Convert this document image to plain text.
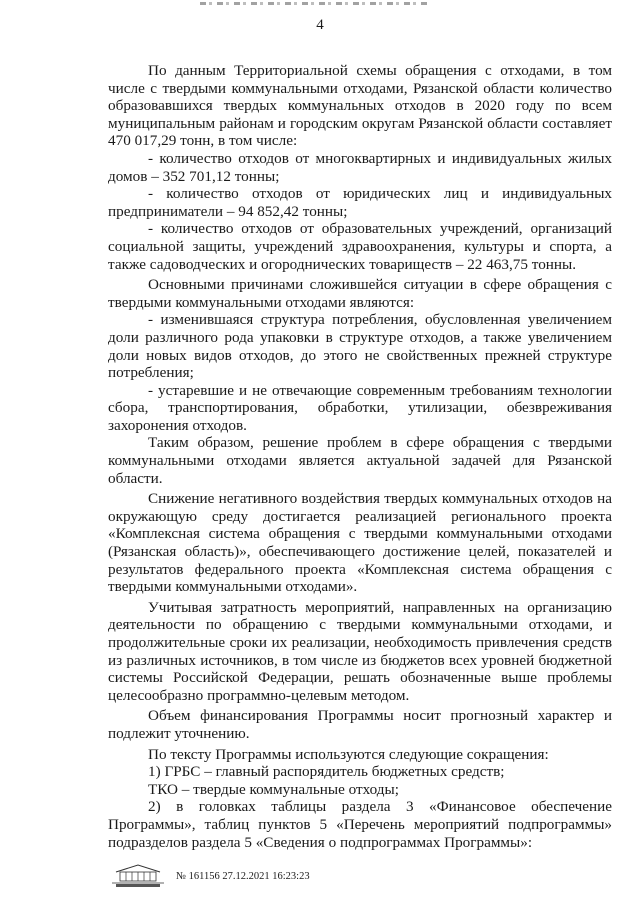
4

По данным Территориальной схемы обращения с отходами, в том числе с твердыми коммунальными отходами, Рязанской области количество образовавшихся твердых коммунальных отходов в 2020 году по всем муниципальным районам и городским округам Рязанской области составляет 470 017,29 тонн, в том числе:

- количество отходов от многоквартирных и индивидуальных жилых домов – 352 701,12 тонны;

- количество отходов от юридических лиц и индивидуальных предприниматели – 94 852,42 тонны;

- количество отходов от образовательных учреждений, организаций социальной защиты, учреждений здравоохранения, культуры и спорта, а также садоводческих и огороднических товариществ – 22 463,75 тонны.

Основными причинами сложившейся ситуации в сфере обращения с твердыми коммунальными отходами являются:

- изменившаяся структура потребления, обусловленная увеличением доли различного рода упаковки в структуре отходов, а также увеличением доли новых видов отходов, до этого не свойственных прежней структуре потребления;

- устаревшие и не отвечающие современным требованиям технологии сбора, транспортирования, обработки, утилизации, обезвреживания захоронения отходов.

Таким образом, решение проблем в сфере обращения с твердыми коммунальными отходами является актуальной задачей для Рязанской области.

Снижение негативного воздействия твердых коммунальных отходов на окружающую среду достигается реализацией регионального проекта «Комплексная система обращения с твердыми коммунальными отходами (Рязанская область)», обеспечивающего достижение целей, показателей и результатов федерального проекта «Комплексная система обращения с твердыми коммунальными отходами».

Учитывая затратность мероприятий, направленных на организацию деятельности по обращению с твердыми коммунальными отходами, и продолжительные сроки их реализации, необходимость привлечения средств из различных источников, в том числе из бюджетов всех уровней бюджетной системы Российской Федерации, решать обозначенные выше проблемы целесообразно программно-целевым методом.

Объем финансирования Программы носит прогнозный характер и подлежит уточнению.

По тексту Программы используются следующие сокращения:

1) ГРБС – главный распорядитель бюджетных средств;

ТКО – твердые коммунальные отходы;

2) в головках таблицы раздела 3 «Финансовое обеспечение Программы», таблиц пунктов 5 «Перечень мероприятий подпрограммы» подразделов раздела 5 «Сведения о подпрограммах Программы»:

№ 161156 27.12.2021 16:23:23
